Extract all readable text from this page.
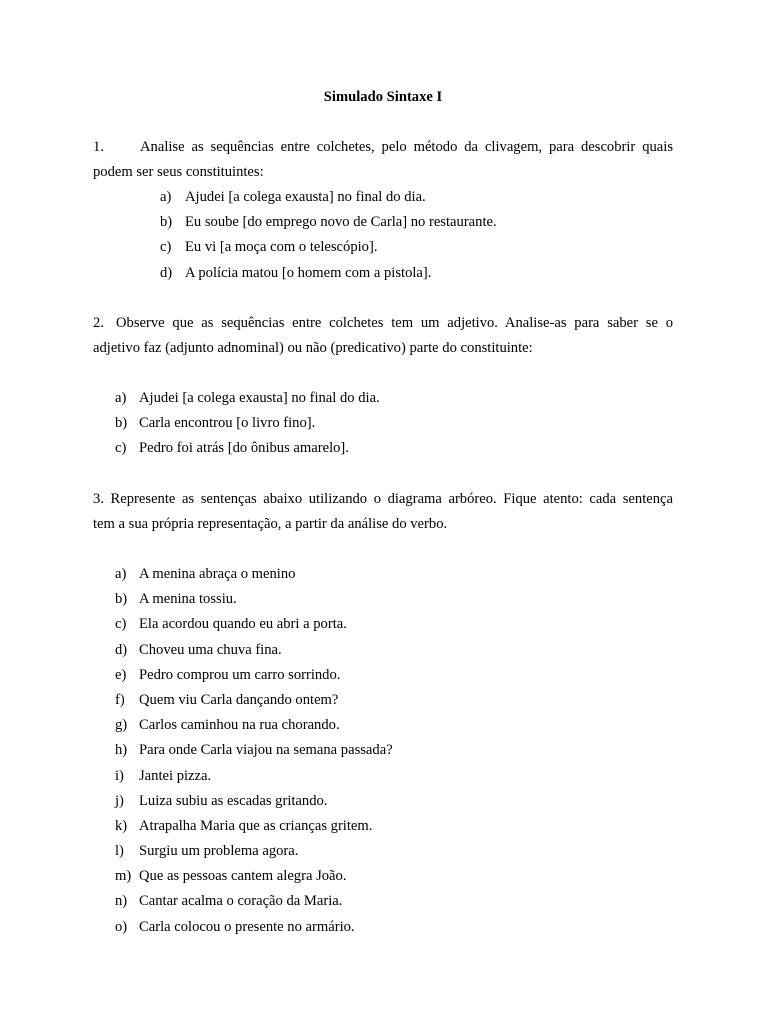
Simulado Sintaxe I
1.	Analise as sequências entre colchetes, pelo método da clivagem, para descobrir quais
podem ser seus constituintes:
a) Ajudei [a colega exausta] no final do dia.
b) Eu soube [do emprego novo de Carla] no restaurante.
c) Eu vi [a moça com o telescópio].
d) A polícia matou [o homem com a pistola].
2. Observe que as sequências entre colchetes tem um adjetivo. Analise-as para saber se o
adjetivo faz (adjunto adnominal) ou não (predicativo) parte do constituinte:
a) Ajudei [a colega exausta] no final do dia.
b) Carla encontrou [o livro fino].
c) Pedro foi atrás [do ônibus amarelo].
3. Represente as sentenças abaixo utilizando o diagrama arbóreo. Fique atento: cada sentença
tem a sua própria representação, a partir da análise do verbo.
a) A menina abraça o menino
b) A menina tossiu.
c) Ela acordou quando eu abri a porta.
d) Choveu uma chuva fina.
e) Pedro comprou um carro sorrindo.
f) Quem viu Carla dançando ontem?
g) Carlos caminhou na rua chorando.
h) Para onde Carla viajou na semana passada?
i) Jantei pizza.
j) Luiza subiu as escadas gritando.
k) Atrapalha Maria que as crianças gritem.
l) Surgiu um problema agora.
m) Que as pessoas cantem alegra João.
n) Cantar acalma o coração da Maria.
o) Carla colocou o presente no armário.
